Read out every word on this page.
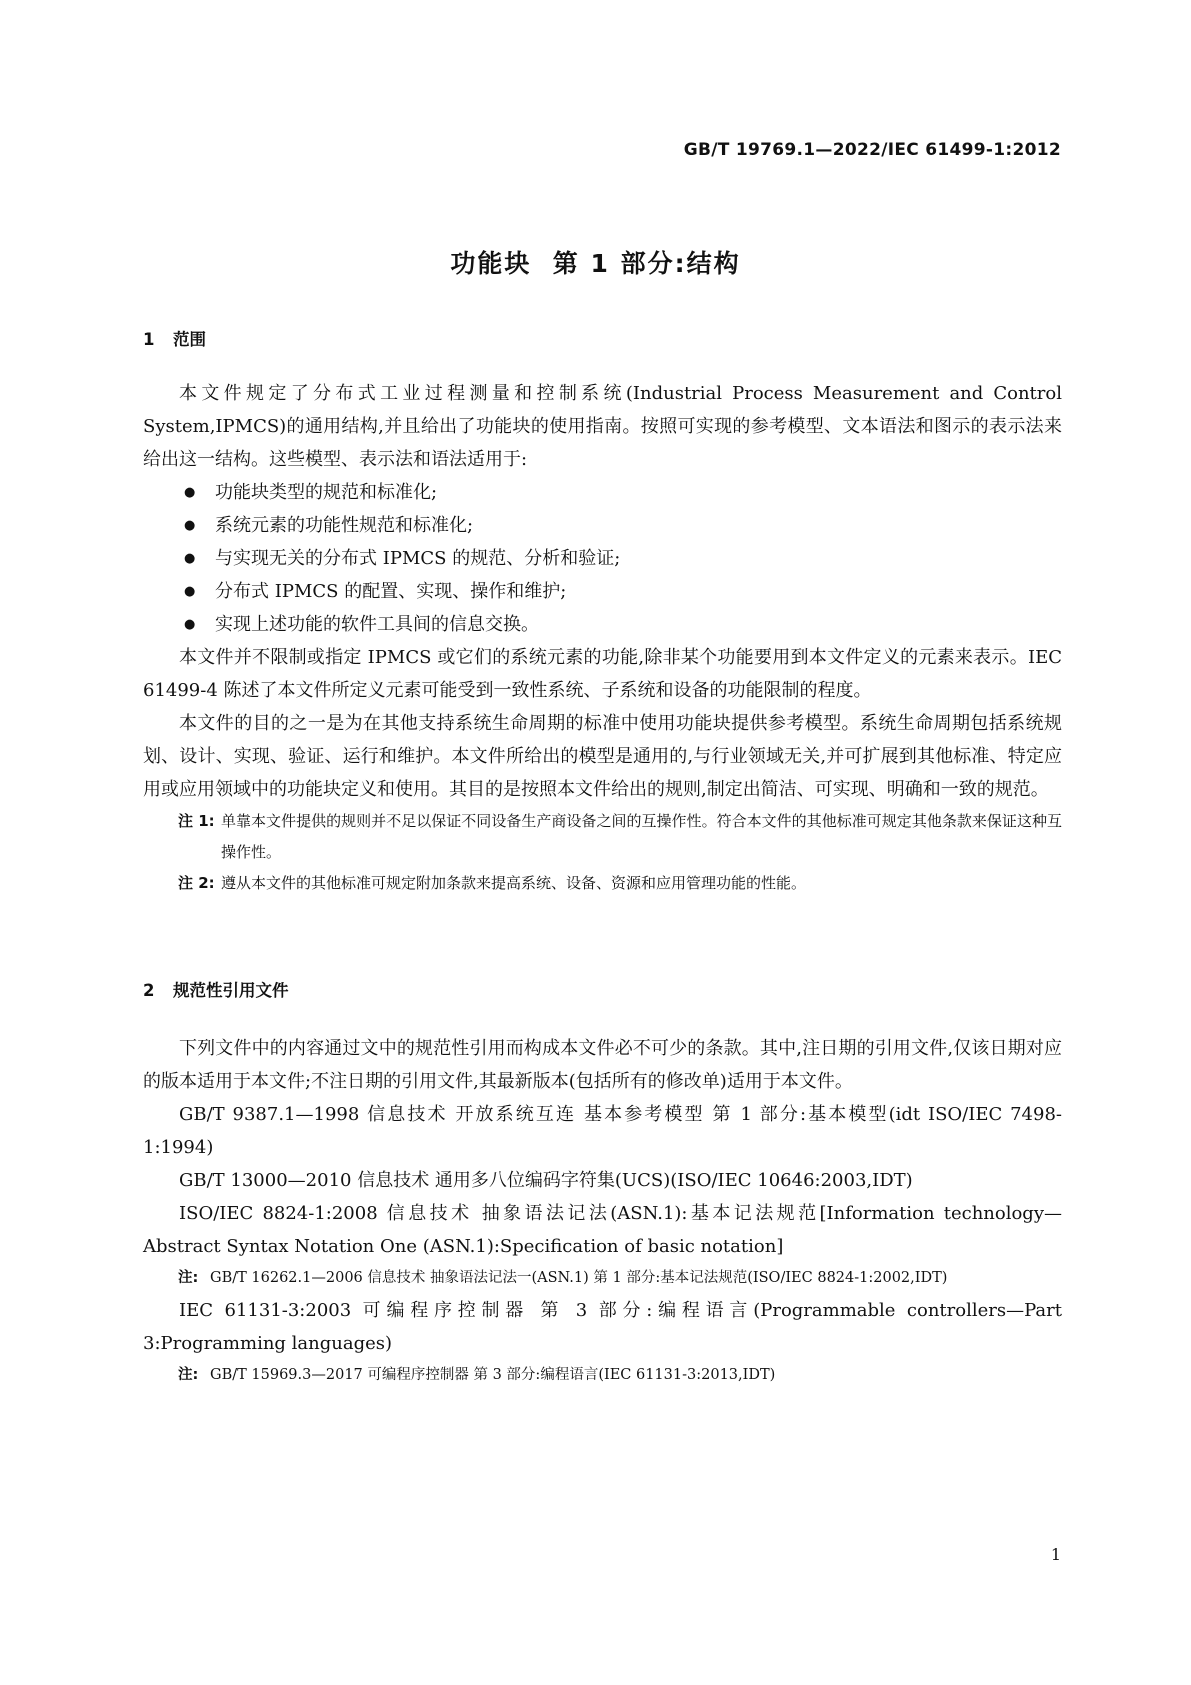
GB/T 19769.1—2022/IEC 61499-1:2012
功能块  第 1 部分:结构
1 范围

本文件规定了分布式工业过程测量和控制系统(Industrial Process Measurement and Control System,IPMCS)的通用结构,并且给出了功能块的使用指南。按照可实现的参考模型、文本语法和图示的表示法来给出这一结构。这些模型、表示法和语法适用于:

● 功能块类型的规范和标准化;
● 系统元素的功能性规范和标准化;
● 与实现无关的分布式 IPMCS 的规范、分析和验证;
● 分布式 IPMCS 的配置、实现、操作和维护;
● 实现上述功能的软件工具间的信息交换。

本文件并不限制或指定 IPMCS 或它们的系统元素的功能,除非某个功能要用到本文件定义的元素来表示。IEC 61499-4 陈述了本文件所定义元素可能受到一致性系统、子系统和设备的功能限制的程度。

本文件的目的之一是为在其他支持系统生命周期的标准中使用功能块提供参考模型。系统生命周期包括系统规划、设计、实现、验证、运行和维护。本文件所给出的模型是通用的,与行业领域无关,并可扩展到其他标准、特定应用或应用领域中的功能块定义和使用。其目的是按照本文件给出的规则,制定出简洁、可实现、明确和一致的规范。

注 1: 单靠本文件提供的规则并不足以保证不同设备生产商设备之间的互操作性。符合本文件的其他标准可规定其他条款来保证这种互操作性。
注 2: 遵从本文件的其他标准可规定附加条款来提高系统、设备、资源和应用管理功能的性能。
2 规范性引用文件

下列文件中的内容通过文中的规范性引用而构成本文件必不可少的条款。其中,注日期的引用文件,仅该日期对应的版本适用于本文件;不注日期的引用文件,其最新版本(包括所有的修改单)适用于本文件。

GB/T 9387.1—1998 信息技术 开放系统互连 基本参考模型 第 1 部分:基本模型(idt ISO/IEC 7498-1:1994)

GB/T 13000—2010 信息技术 通用多八位编码字符集(UCS)(ISO/IEC 10646:2003,IDT)

ISO/IEC 8824-1:2008 信息技术 抽象语法记法(ASN.1):基本记法规范[Information technology—Abstract Syntax Notation One (ASN.1):Specification of basic notation]

注: GB/T 16262.1—2006 信息技术 抽象语法记法一(ASN.1) 第 1 部分:基本记法规范(ISO/IEC 8824-1:2002,IDT)

IEC 61131-3:2003 可编程序控制器 第 3 部分:编程语言(Programmable controllers—Part 3:Programming languages)

注: GB/T 15969.3—2017 可编程序控制器 第 3 部分:编程语言(IEC 61131-3:2013,IDT)
1
